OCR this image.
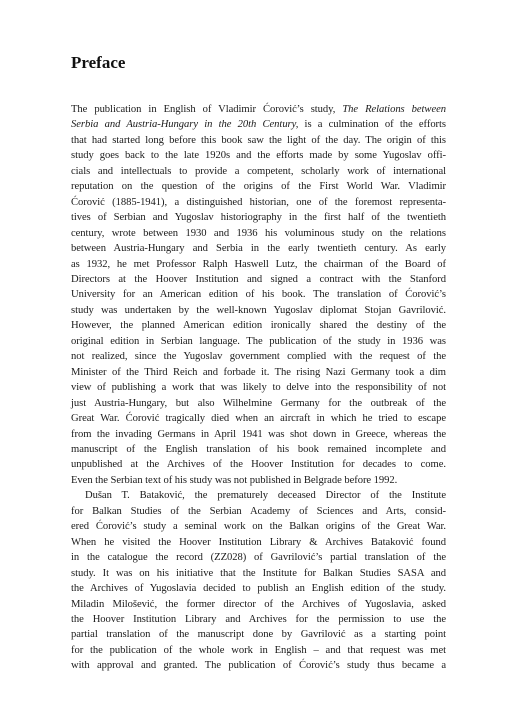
Preface
The publication in English of Vladimir Ćorović’s study, The Relations between
Serbia and Austria-Hungary in the 20th Century, is a culmination of the efforts
that had started long before this book saw the light of the day. The origin of this
study goes back to the late 1920s and the efforts made by some Yugoslav offi-
cials and intellectuals to provide a competent, scholarly work of international
reputation on the question of the origins of the First World War. Vladimir
Ćorović (1885-1941), a distinguished historian, one of the foremost representa-
tives of Serbian and Yugoslav historiography in the first half of the twentieth
century, wrote between 1930 and 1936 his voluminous study on the relations
between Austria-Hungary and Serbia in the early twentieth century. As early
as 1932, he met Professor Ralph Haswell Lutz, the chairman of the Board of
Directors at the Hoover Institution and signed a contract with the Stanford
University for an American edition of his book. The translation of Ćorović’s
study was undertaken by the well-known Yugoslav diplomat Stojan Gavrilović.
However, the planned American edition ironically shared the destiny of the
original edition in Serbian language. The publication of the study in 1936 was
not realized, since the Yugoslav government complied with the request of the
Minister of the Third Reich and forbade it. The rising Nazi Germany took a dim
view of publishing a work that was likely to delve into the responsibility of not
just Austria-Hungary, but also Wilhelmine Germany for the outbreak of the
Great War. Ćorović tragically died when an aircraft in which he tried to escape
from the invading Germans in April 1941 was shot down in Greece, whereas the
manuscript of the English translation of his book remained incomplete and
unpublished at the Archives of the Hoover Institution for decades to come.
Even the Serbian text of his study was not published in Belgrade before 1992.
Dušan T. Bataković, the prematurely deceased Director of the Institute
for Balkan Studies of the Serbian Academy of Sciences and Arts, consid-
ered Ćorović’s study a seminal work on the Balkan origins of the Great War.
When he visited the Hoover Institution Library & Archives Bataković found
in the catalogue the record (ZZ028) of Gavrilović’s partial translation of the
study. It was on his initiative that the Institute for Balkan Studies SASA and
the Archives of Yugoslavia decided to publish an English edition of the study.
Miladin Milošević, the former director of the Archives of Yugoslavia, asked
the Hoover Institution Library and Archives for the permission to use the
partial translation of the manuscript done by Gavrilović as a starting point
for the publication of the whole work in English – and that request was met
with approval and granted. The publication of Ćorović’s study thus became a
